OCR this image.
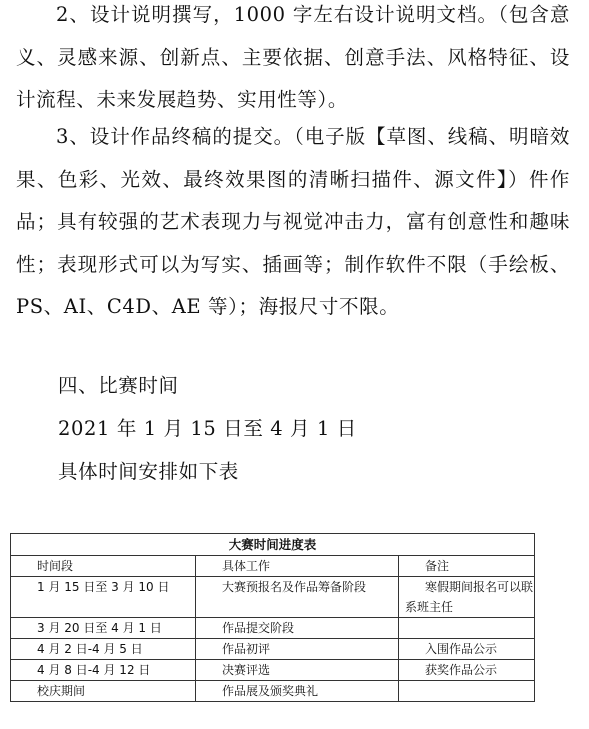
2、设计说明撰写，1000 字左右设计说明文档。（包含意义、灵感来源、创新点、主要依据、创意手法、风格特征、设计流程、未来发展趋势、实用性等）。

3、设计作品终稿的提交。（电子版【草图、线稿、明暗效果、色彩、光效、最终效果图的清晰扫描件、源文件】）件作品；具有较强的艺术表现力与视觉冲击力，富有创意性和趣味性；表现形式可以为写实、插画等；制作软件不限（手绘板、PS、AI、C4D、AE 等）；海报尺寸不限。

四、比赛时间

2021 年 1 月 15 日至 4 月 1 日

具体时间安排如下表

大赛时间进度表		
时间段	具体工作	备注
1 月 15 日至 3 月 10 日	大赛预报名及作品筹备阶段	寒假期间报名可以联系班主任
3 月 20 日至 4 月 1 日	作品提交阶段	
4 月 2 日-4 月 5 日	作品初评	入围作品公示
4 月 8 日-4 月 12 日	决赛评选	获奖作品公示
校庆期间	作品展及颁奖典礼	
